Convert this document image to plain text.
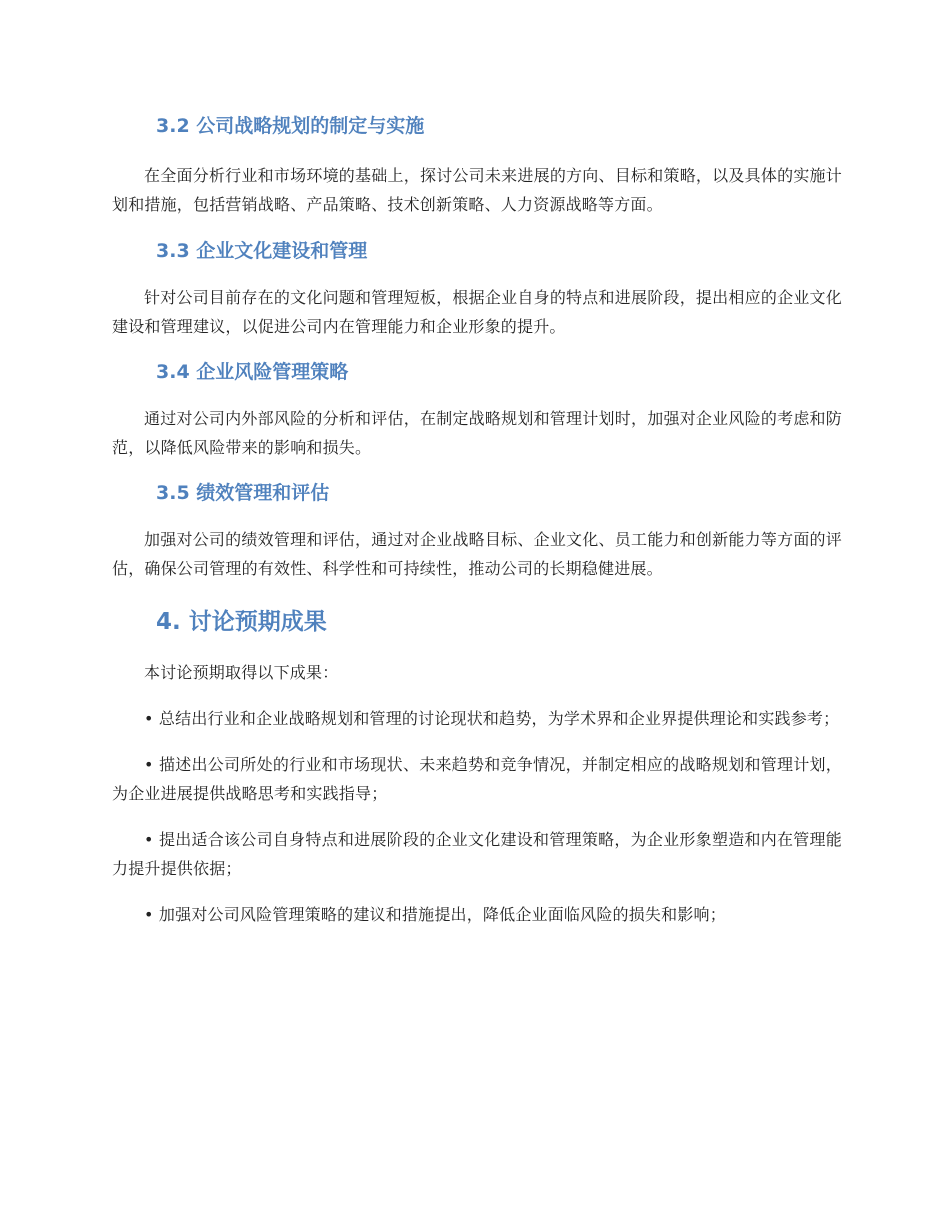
3.2 公司战略规划的制定与实施

在全面分析行业和市场环境的基础上，探讨公司未来进展的方向、目标和策略，以及具体的实施计划和措施，包括营销战略、产品策略、技术创新策略、人力资源战略等方面。

3.3 企业文化建设和管理

针对公司目前存在的文化问题和管理短板，根据企业自身的特点和进展阶段，提出相应的企业文化建设和管理建议，以促进公司内在管理能力和企业形象的提升。

3.4 企业风险管理策略

通过对公司内外部风险的分析和评估，在制定战略规划和管理计划时，加强对企业风险的考虑和防范，以降低风险带来的影响和损失。

3.5 绩效管理和评估

加强对公司的绩效管理和评估，通过对企业战略目标、企业文化、员工能力和创新能力等方面的评估，确保公司管理的有效性、科学性和可持续性，推动公司的长期稳健进展。

4. 讨论预期成果

本讨论预期取得以下成果：

• 总结出行业和企业战略规划和管理的讨论现状和趋势，为学术界和企业界提供理论和实践参考；

• 描述出公司所处的行业和市场现状、未来趋势和竞争情况，并制定相应的战略规划和管理计划，为企业进展提供战略思考和实践指导；

• 提出适合该公司自身特点和进展阶段的企业文化建设和管理策略，为企业形象塑造和内在管理能力提升提供依据；

• 加强对公司风险管理策略的建议和措施提出，降低企业面临风险的损失和影响；
